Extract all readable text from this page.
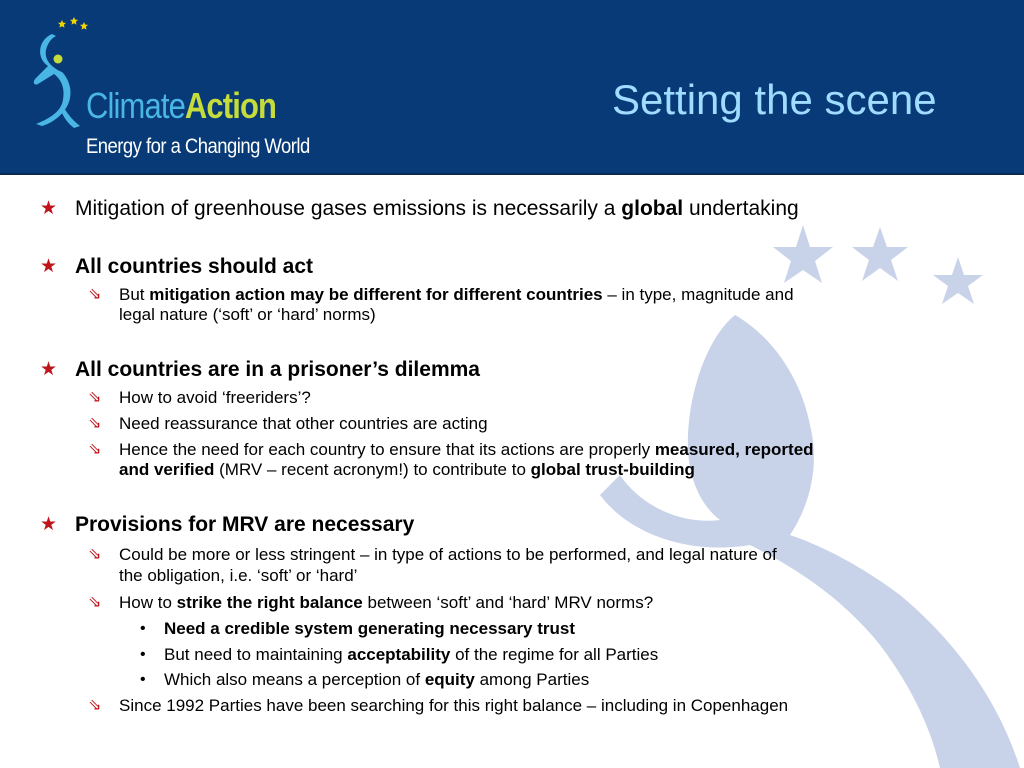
ClimateAction
Energy for a Changing World
Setting the scene
★ Mitigation of greenhouse gases emissions is necessarily a global undertaking
★ All countries should act
⇘ But mitigation action may be different for different countries – in type, magnitude and
legal nature (‘soft’ or ‘hard’ norms)
★ All countries are in a prisoner’s dilemma
⇘ How to avoid ‘freeriders’?
⇘ Need reassurance that other countries are acting
⇘ Hence the need for each country to ensure that its actions are properly measured, reported
and verified (MRV – recent acronym!) to contribute to global trust-building
★ Provisions for MRV are necessary
⇘ Could be more or less stringent – in type of actions to be performed, and legal nature of
the obligation, i.e. ‘soft’ or ‘hard’
⇘ How to strike the right balance between ‘soft’ and ‘hard’ MRV norms?
• Need a credible system generating necessary trust
• But need to maintaining acceptability of the regime for all Parties
• Which also means a perception of equity among Parties
⇘ Since 1992 Parties have been searching for this right balance – including in Copenhagen
